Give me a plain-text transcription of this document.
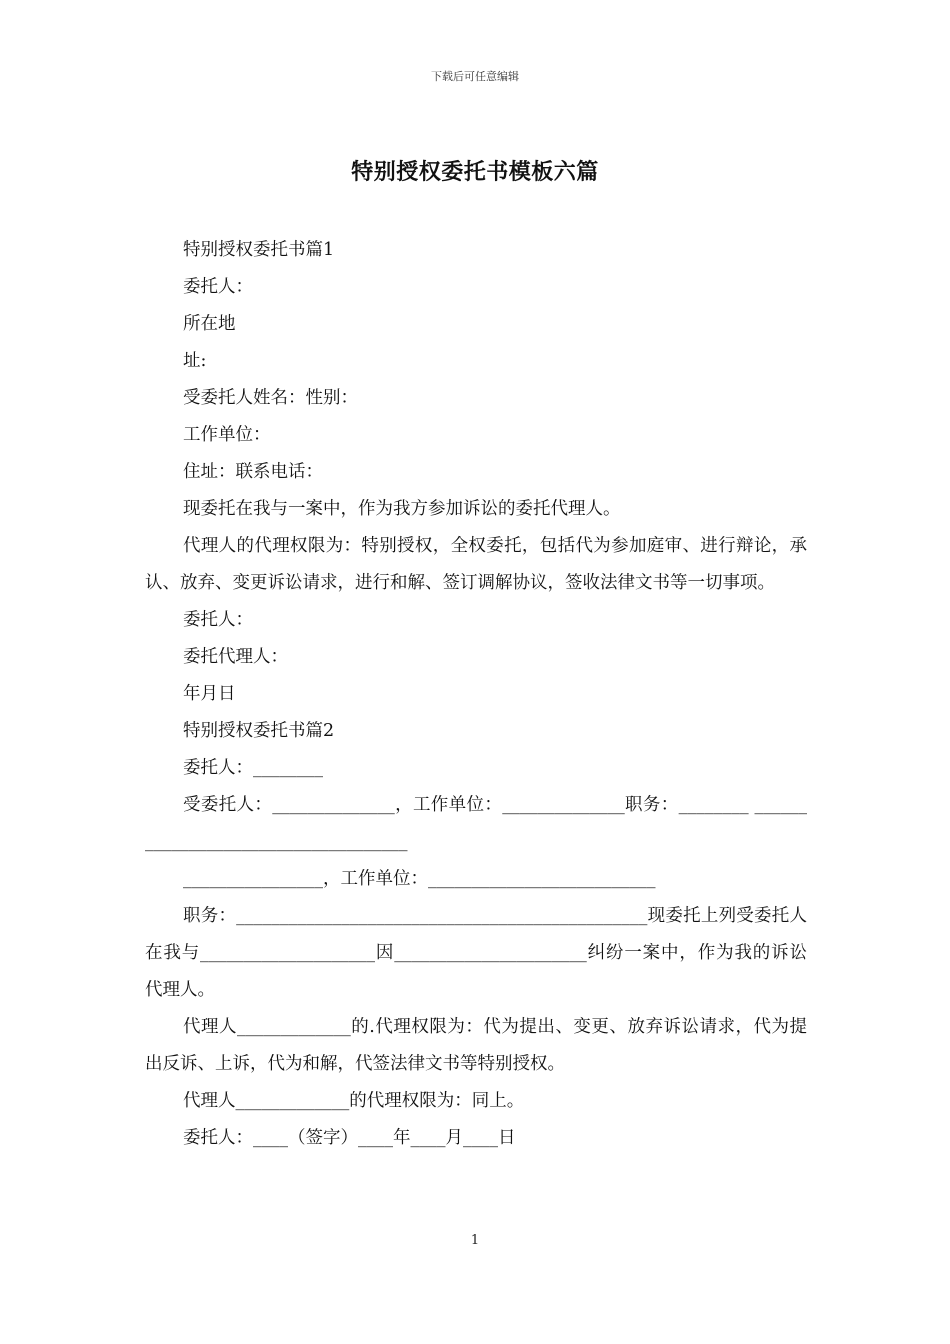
下载后可任意编辑
特别授权委托书模板六篇

特别授权委托书篇1

委托人：

所在地

址:

受委托人姓名：性别：

工作单位：

住址：联系电话：

现委托在我与一案中，作为我方参加诉讼的委托代理人。

代理人的代理权限为：特别授权，全权委托，包括代为参加庭审、进行辩论，承认、放弃、变更诉讼请求，进行和解、签订调解协议，签收法律文书等一切事项。

委托人：

委托代理人：

年月日

特别授权委托书篇2

委托人：________

受委托人：______________，工作单位：______________职务：________ ____________________________________

________________，工作单位：__________________________

职务：_______________________________________________现委托上列受委托人在我与____________________因______________________纠纷一案中，作为我的诉讼代理人。

代理人_____________的.代理权限为：代为提出、变更、放弃诉讼请求，代为提出反诉、上诉，代为和解，代签法律文书等特别授权。

代理人_____________的代理权限为：同上。

委托人：____（签字）____年____月____日

1
